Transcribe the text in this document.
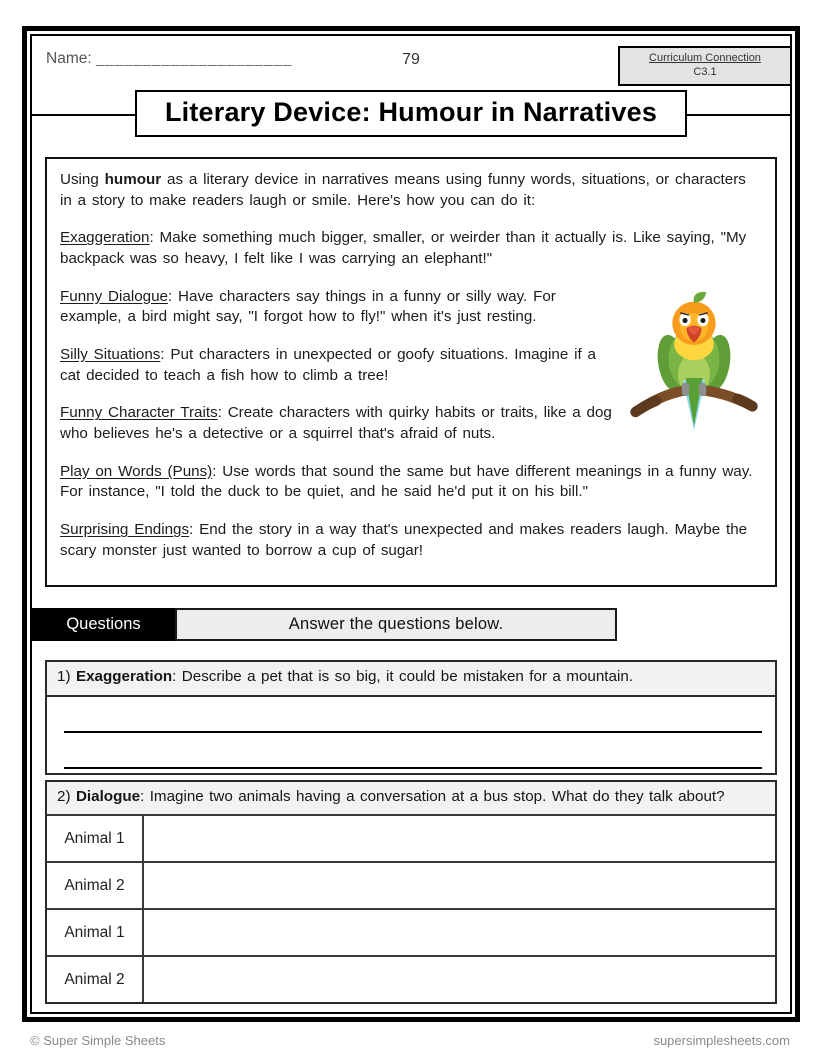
Name: _____________________	79	Curriculum Connection
C3.1
Literary Device: Humour in Narratives

Using humour as a literary device in narratives means using funny words, situations, or characters in a story to make readers laugh or smile. Here's how you can do it:

Exaggeration: Make something much bigger, smaller, or weirder than it actually is. Like saying, "My backpack was so heavy, I felt like I was carrying an elephant!"

Funny Dialogue: Have characters say things in a funny or silly way. For example, a bird might say, "I forgot how to fly!" when it's just resting.

Silly Situations: Put characters in unexpected or goofy situations. Imagine if a cat decided to teach a fish how to climb a tree!

Funny Character Traits: Create characters with quirky habits or traits, like a dog who believes he's a detective or a squirrel that's afraid of nuts.

Play on Words (Puns): Use words that sound the same but have different meanings in a funny way. For instance, "I told the duck to be quiet, and he said he'd put it on his bill."

Surprising Endings: End the story in a way that's unexpected and makes readers laugh. Maybe the scary monster just wanted to borrow a cup of sugar!

Questions	Answer the questions below.
1) Exaggeration: Describe a pet that is so big, it could be mistaken for a mountain.
2) Dialogue: Imagine two animals having a conversation at a bus stop. What do they talk about?
Animal 1
Animal 2
Animal 1
Animal 2
© Super Simple Sheets	supersimplesheets.com
